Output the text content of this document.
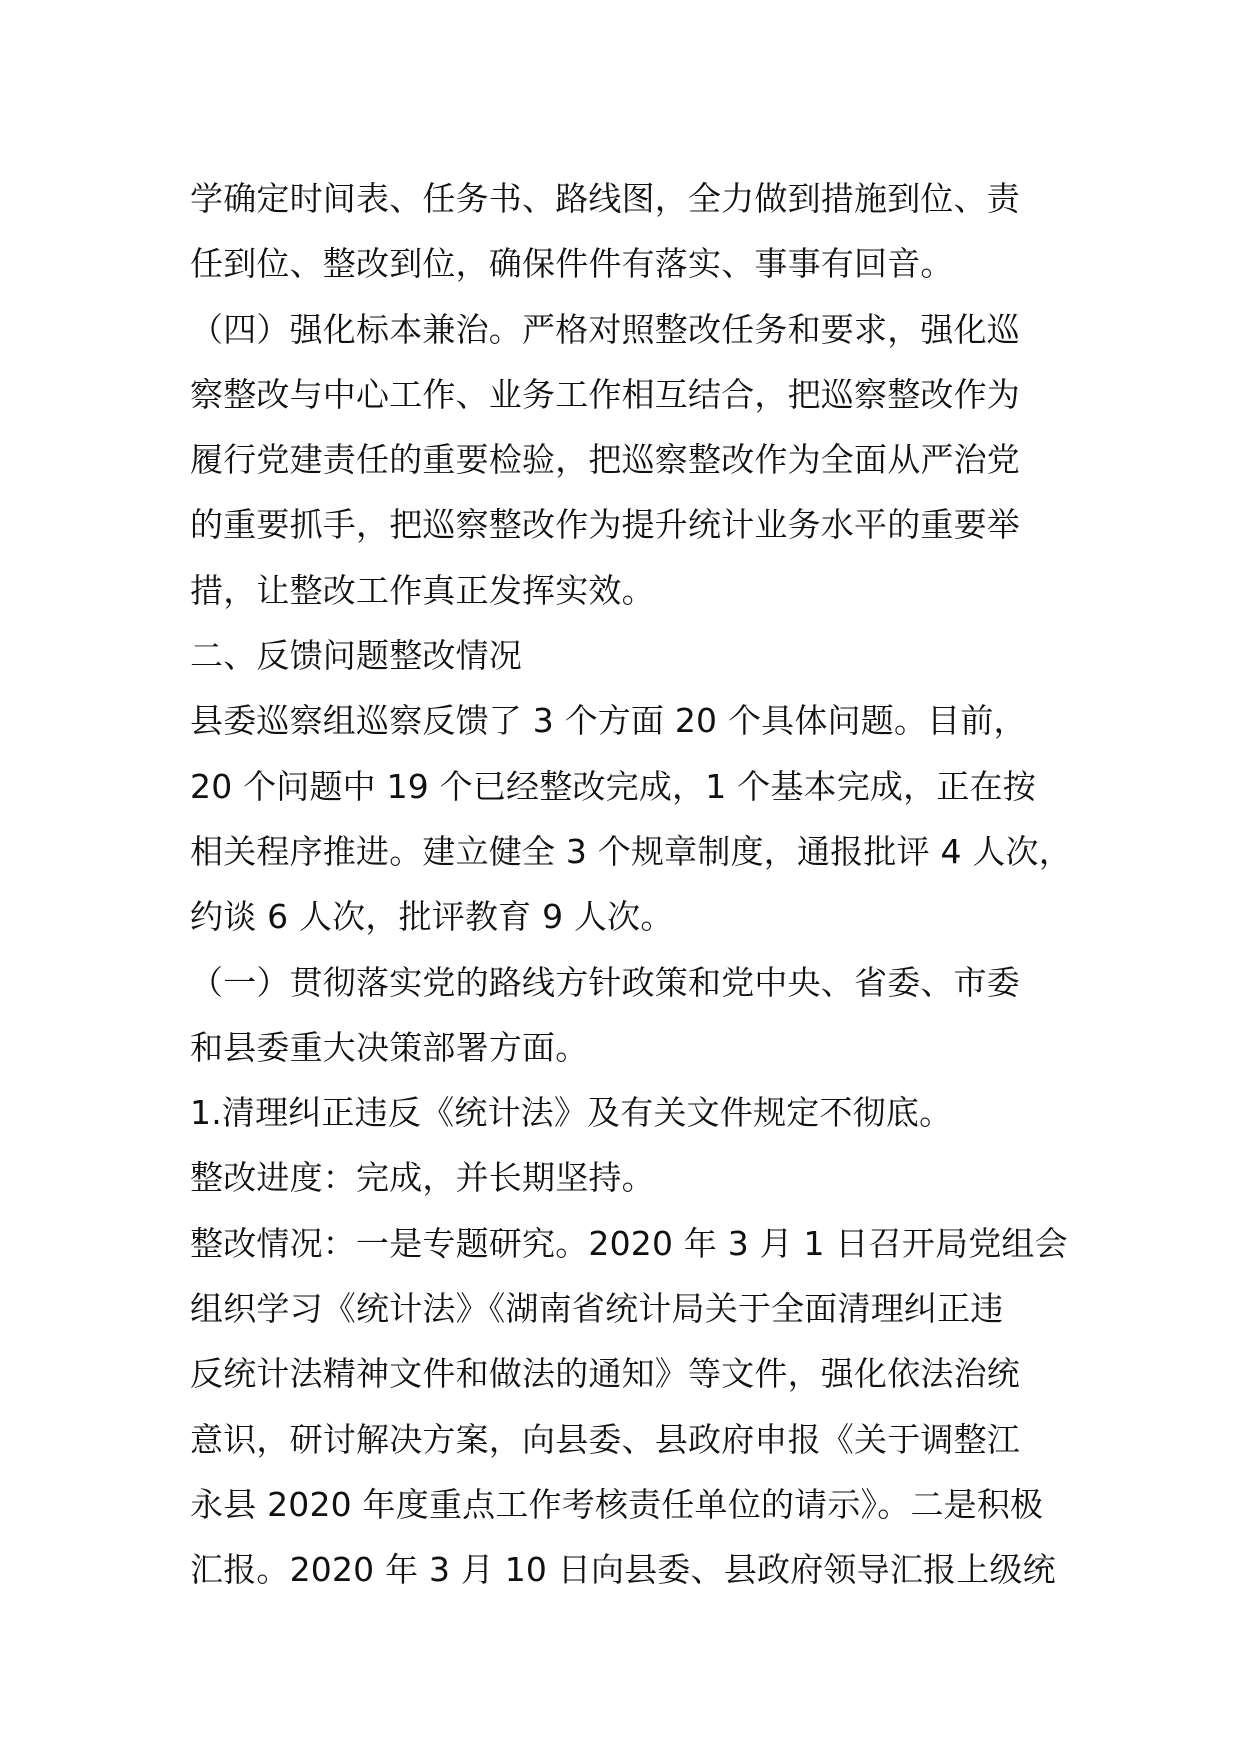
学确定时间表、任务书、路线图，全力做到措施到位、责
任到位、整改到位，确保件件有落实、事事有回音。
（四）强化标本兼治。严格对照整改任务和要求，强化巡
察整改与中心工作、业务工作相互结合，把巡察整改作为
履行党建责任的重要检验，把巡察整改作为全面从严治党
的重要抓手，把巡察整改作为提升统计业务水平的重要举
措，让整改工作真正发挥实效。
二、反馈问题整改情况
县委巡察组巡察反馈了 3 个方面 20 个具体问题。目前，
20 个问题中 19 个已经整改完成，1 个基本完成，正在按
相关程序推进。建立健全 3 个规章制度，通报批评 4 人次，
约谈 6 人次，批评教育 9 人次。
（一）贯彻落实党的路线方针政策和党中央、省委、市委
和县委重大决策部署方面。
1.清理纠正违反《统计法》及有关文件规定不彻底。
整改进度：完成，并长期坚持。
整改情况：一是专题研究。2020 年 3 月 1 日召开局党组会
组织学习《统计法》《湖南省统计局关于全面清理纠正违
反统计法精神文件和做法的通知》等文件，强化依法治统
意识，研讨解决方案，向县委、县政府申报《关于调整江
永县 2020 年度重点工作考核责任单位的请示》。二是积极
汇报。2020 年 3 月 10 日向县委、县政府领导汇报上级统
